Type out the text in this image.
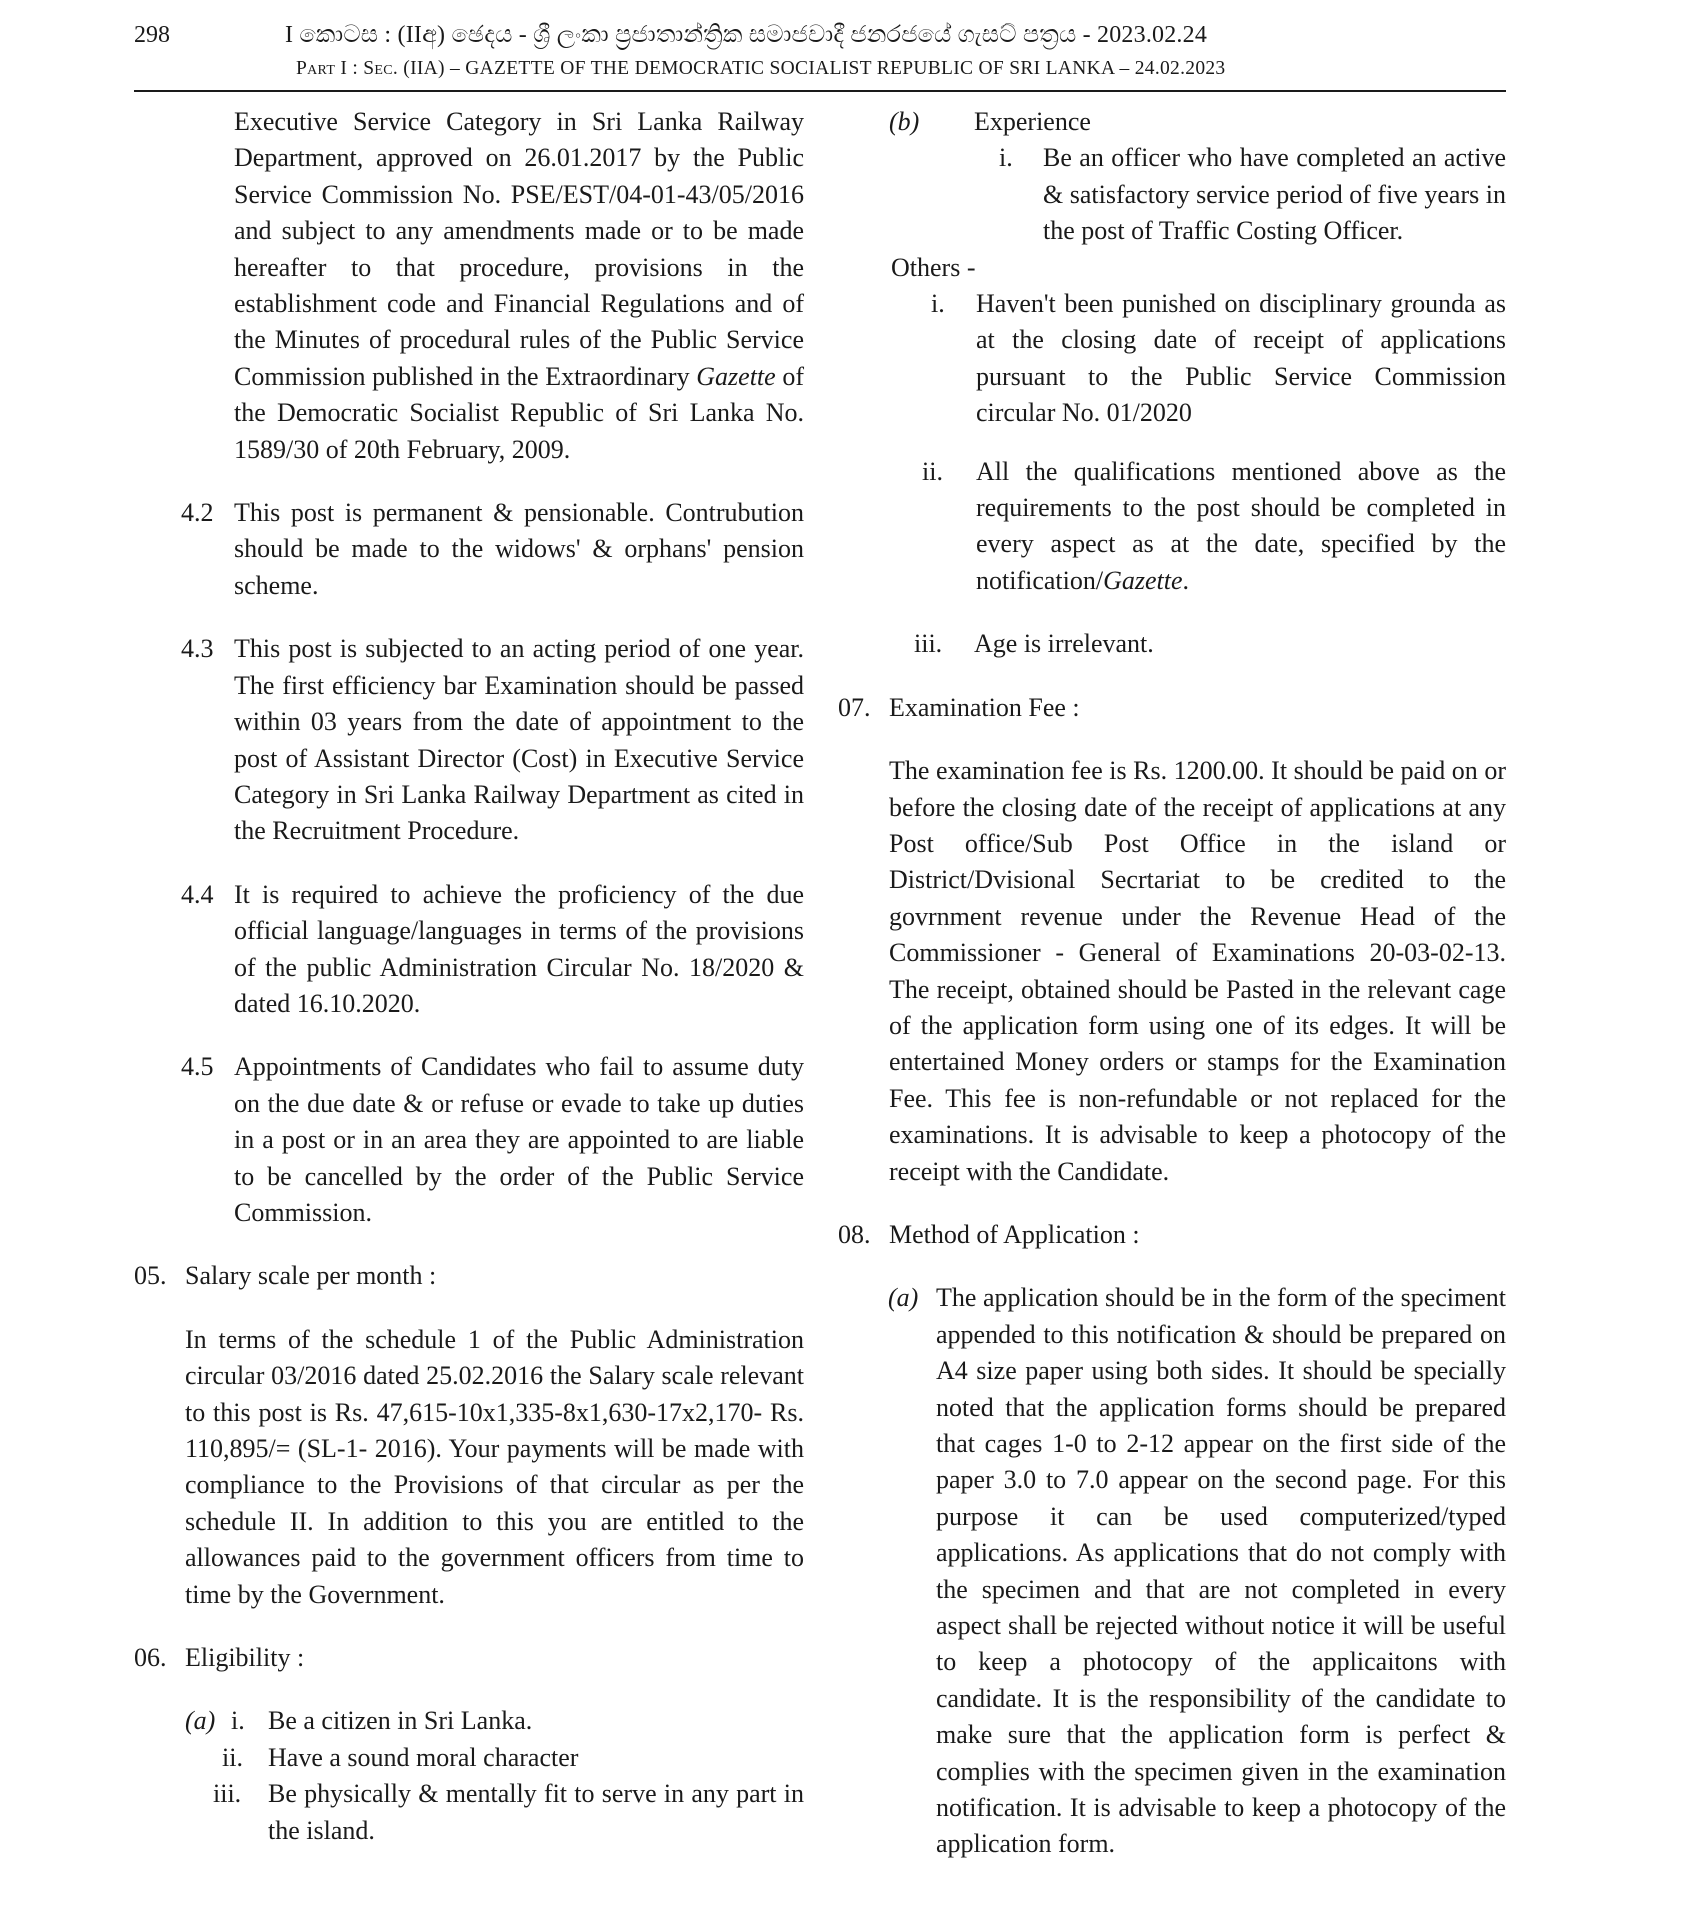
298	I කොටස : (IIඅ) ඡෙදය - ශ්‍රී ලංකා ප්‍රජාතාන්ත්‍රික සමාජවාදී ජනරජයේ ගැසට් පත්‍රය - 2023.02.24
Part I : Sec. (IIA) – GAZETTE OF THE DEMOCRATIC SOCIALIST REPUBLIC OF SRI LANKA – 24.02.2023
Executive Service Category in Sri Lanka Railway Department, approved on 26.01.2017 by the Public Service Commission No. PSE/EST/04-01-43/05/2016 and subject to any amendments made or to be made hereafter to that procedure, provisions in the establishment code and Financial Regulations and of the Minutes of procedural rules of the Public Service Commission published in the Extraordinary Gazette of the Democratic Socialist Republic of Sri Lanka No. 1589/30 of 20th February, 2009.
4.2 This post is permanent & pensionable. Contrubution should be made to the widows' & orphans' pension scheme.
4.3 This post is subjected to an acting period of one year. The first efficiency bar Examination should be passed within 03 years from the date of appointment to the post of Assistant Director (Cost) in Executive Service Category in Sri Lanka Railway Department as cited in the Recruitment Procedure.
4.4 It is required to achieve the proficiency of the due official language/languages in terms of the provisions of the public Administration Circular No. 18/2020 & dated 16.10.2020.
4.5 Appointments of Candidates who fail to assume duty on the due date & or refuse or evade to take up duties in a post or in an area they are appointed to are liable to be cancelled by the order of the Public Service Commission.
05. Salary scale per month :
In terms of the schedule 1 of the Public Administration circular 03/2016 dated 25.02.2016 the Salary scale relevant to this post is Rs. 47,615-10x1,335-8x1,630-17x2,170- Rs. 110,895/= (SL-1- 2016). Your payments will be made with compliance to the Provisions of that circular as per the schedule II. In addition to this you are entitled to the allowances paid to the government officers from time to time by the Government.
06. Eligibility :
(a) i. Be a citizen in Sri Lanka.
ii. Have a sound moral character
iii. Be physically & mentally fit to serve in any part in the island.
(b) Experience
i. Be an officer who have completed an active & satisfactory service period of five years in the post of Traffic Costing Officer.
Others -
i. Haven't been punished on disciplinary grounda as at the closing date of receipt of applications pursuant to the Public Service Commission circular No. 01/2020
ii. All the qualifications mentioned above as the requirements to the post should be completed in every aspect as at the date, specified by the notification/Gazette.
iii. Age is irrelevant.
07. Examination Fee :
The examination fee is Rs. 1200.00. It should be paid on or before the closing date of the receipt of applications at any Post office/Sub Post Office in the island or District/Dvisional Secrtariat to be credited to the govrnment revenue under the Revenue Head of the Commissioner - General of Examinations 20-03-02-13. The receipt, obtained should be Pasted in the relevant cage of the application form using one of its edges. It will be entertained Money orders or stamps for the Examination Fee. This fee is non-refundable or not replaced for the examinations. It is advisable to keep a photocopy of the receipt with the Candidate.
08. Method of Application :
(a) The application should be in the form of the speciment appended to this notification & should be prepared on A4 size paper using both sides. It should be specially noted that the application forms should be prepared that cages 1-0 to 2-12 appear on the first side of the paper 3.0 to 7.0 appear on the second page. For this purpose it can be used computerized/typed applications. As applications that do not comply with the specimen and that are not completed in every aspect shall be rejected without notice it will be useful to keep a photocopy of the applicaitons with candidate. It is the responsibility of the candidate to make sure that the application form is perfect & complies with the specimen given in the examination notification. It is advisable to keep a photocopy of the application form.
